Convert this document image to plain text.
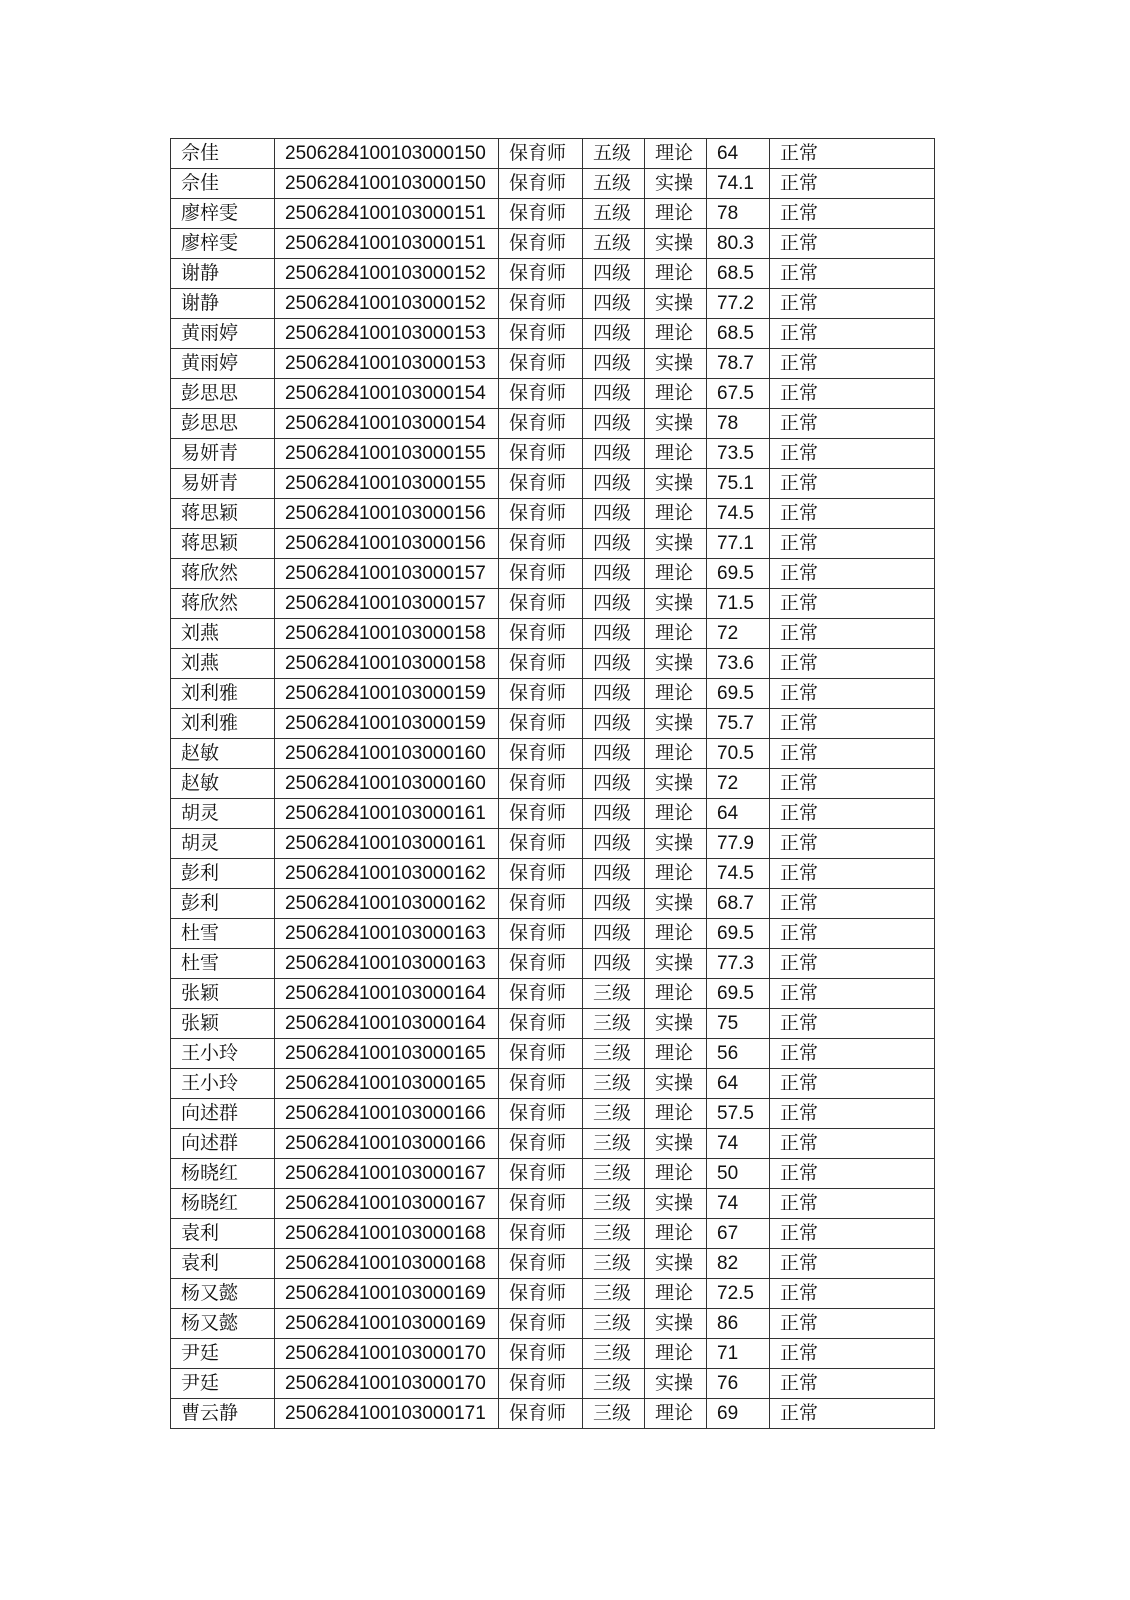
佘佳	2506284100103000150	保育师	五级	理论	64	正常
佘佳	2506284100103000150	保育师	五级	实操	74.1	正常
廖梓雯	2506284100103000151	保育师	五级	理论	78	正常
廖梓雯	2506284100103000151	保育师	五级	实操	80.3	正常
谢静	2506284100103000152	保育师	四级	理论	68.5	正常
谢静	2506284100103000152	保育师	四级	实操	77.2	正常
黄雨婷	2506284100103000153	保育师	四级	理论	68.5	正常
黄雨婷	2506284100103000153	保育师	四级	实操	78.7	正常
彭思思	2506284100103000154	保育师	四级	理论	67.5	正常
彭思思	2506284100103000154	保育师	四级	实操	78	正常
易妍青	2506284100103000155	保育师	四级	理论	73.5	正常
易妍青	2506284100103000155	保育师	四级	实操	75.1	正常
蒋思颖	2506284100103000156	保育师	四级	理论	74.5	正常
蒋思颖	2506284100103000156	保育师	四级	实操	77.1	正常
蒋欣然	2506284100103000157	保育师	四级	理论	69.5	正常
蒋欣然	2506284100103000157	保育师	四级	实操	71.5	正常
刘燕	2506284100103000158	保育师	四级	理论	72	正常
刘燕	2506284100103000158	保育师	四级	实操	73.6	正常
刘利雅	2506284100103000159	保育师	四级	理论	69.5	正常
刘利雅	2506284100103000159	保育师	四级	实操	75.7	正常
赵敏	2506284100103000160	保育师	四级	理论	70.5	正常
赵敏	2506284100103000160	保育师	四级	实操	72	正常
胡灵	2506284100103000161	保育师	四级	理论	64	正常
胡灵	2506284100103000161	保育师	四级	实操	77.9	正常
彭利	2506284100103000162	保育师	四级	理论	74.5	正常
彭利	2506284100103000162	保育师	四级	实操	68.7	正常
杜雪	2506284100103000163	保育师	四级	理论	69.5	正常
杜雪	2506284100103000163	保育师	四级	实操	77.3	正常
张颖	2506284100103000164	保育师	三级	理论	69.5	正常
张颖	2506284100103000164	保育师	三级	实操	75	正常
王小玲	2506284100103000165	保育师	三级	理论	56	正常
王小玲	2506284100103000165	保育师	三级	实操	64	正常
向述群	2506284100103000166	保育师	三级	理论	57.5	正常
向述群	2506284100103000166	保育师	三级	实操	74	正常
杨晓红	2506284100103000167	保育师	三级	理论	50	正常
杨晓红	2506284100103000167	保育师	三级	实操	74	正常
袁利	2506284100103000168	保育师	三级	理论	67	正常
袁利	2506284100103000168	保育师	三级	实操	82	正常
杨又懿	2506284100103000169	保育师	三级	理论	72.5	正常
杨又懿	2506284100103000169	保育师	三级	实操	86	正常
尹廷	2506284100103000170	保育师	三级	理论	71	正常
尹廷	2506284100103000170	保育师	三级	实操	76	正常
曹云静	2506284100103000171	保育师	三级	理论	69	正常
